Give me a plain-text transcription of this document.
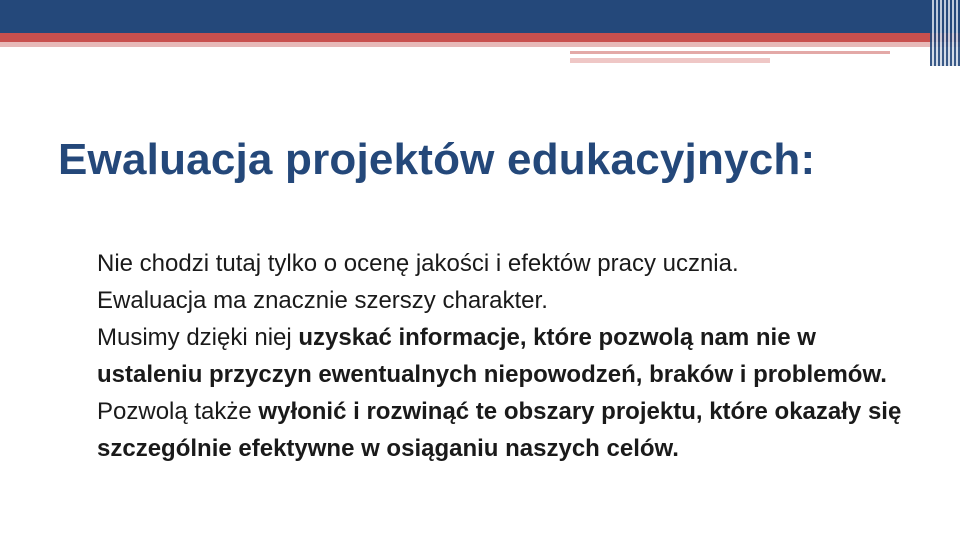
Ewaluacja projektów edukacyjnych:

Nie chodzi tutaj tylko o ocenę jakości i efektów pracy ucznia.

Ewaluacja ma znacznie szerszy charakter.

Musimy dzięki niej uzyskać informacje, które pozwolą nam nie w ustaleniu przyczyn ewentualnych niepowodzeń, braków i problemów.

Pozwolą także wyłonić i rozwinąć te obszary projektu, które okazały się szczególnie efektywne w osiąganiu naszych celów.
